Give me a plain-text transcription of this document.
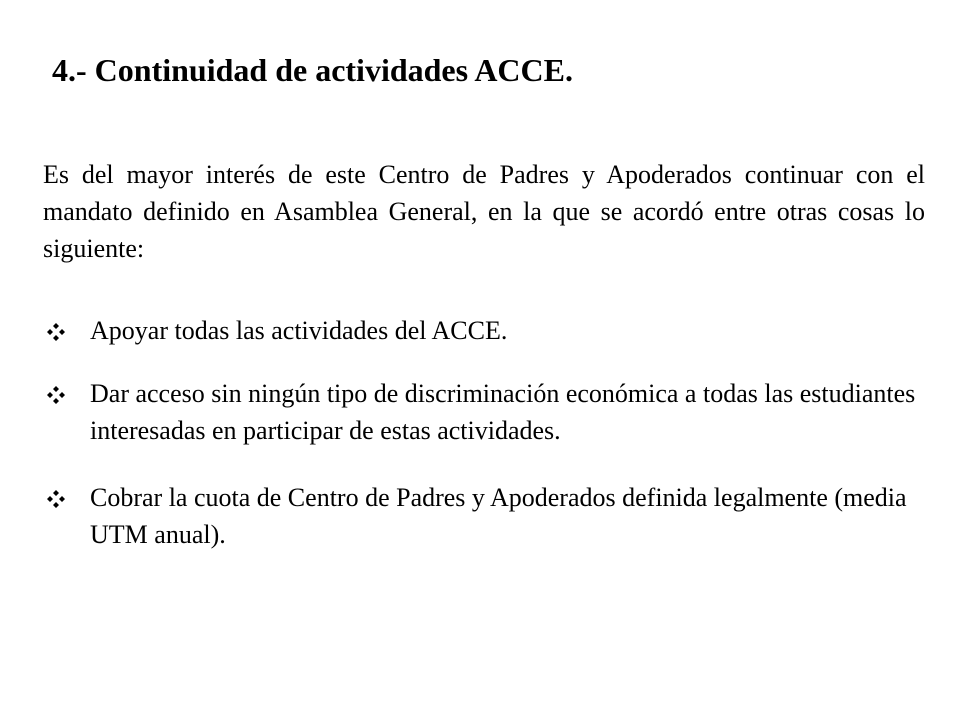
4.- Continuidad de actividades ACCE.
Es del mayor interés de este Centro de Padres y Apoderados continuar con el mandato definido en Asamblea General, en la que se acordó entre otras cosas lo siguiente:
Apoyar todas las actividades del ACCE.
Dar acceso sin ningún tipo de discriminación económica a todas las estudiantes interesadas en participar de estas actividades.
Cobrar la cuota de Centro de Padres y Apoderados definida legalmente (media UTM anual).
